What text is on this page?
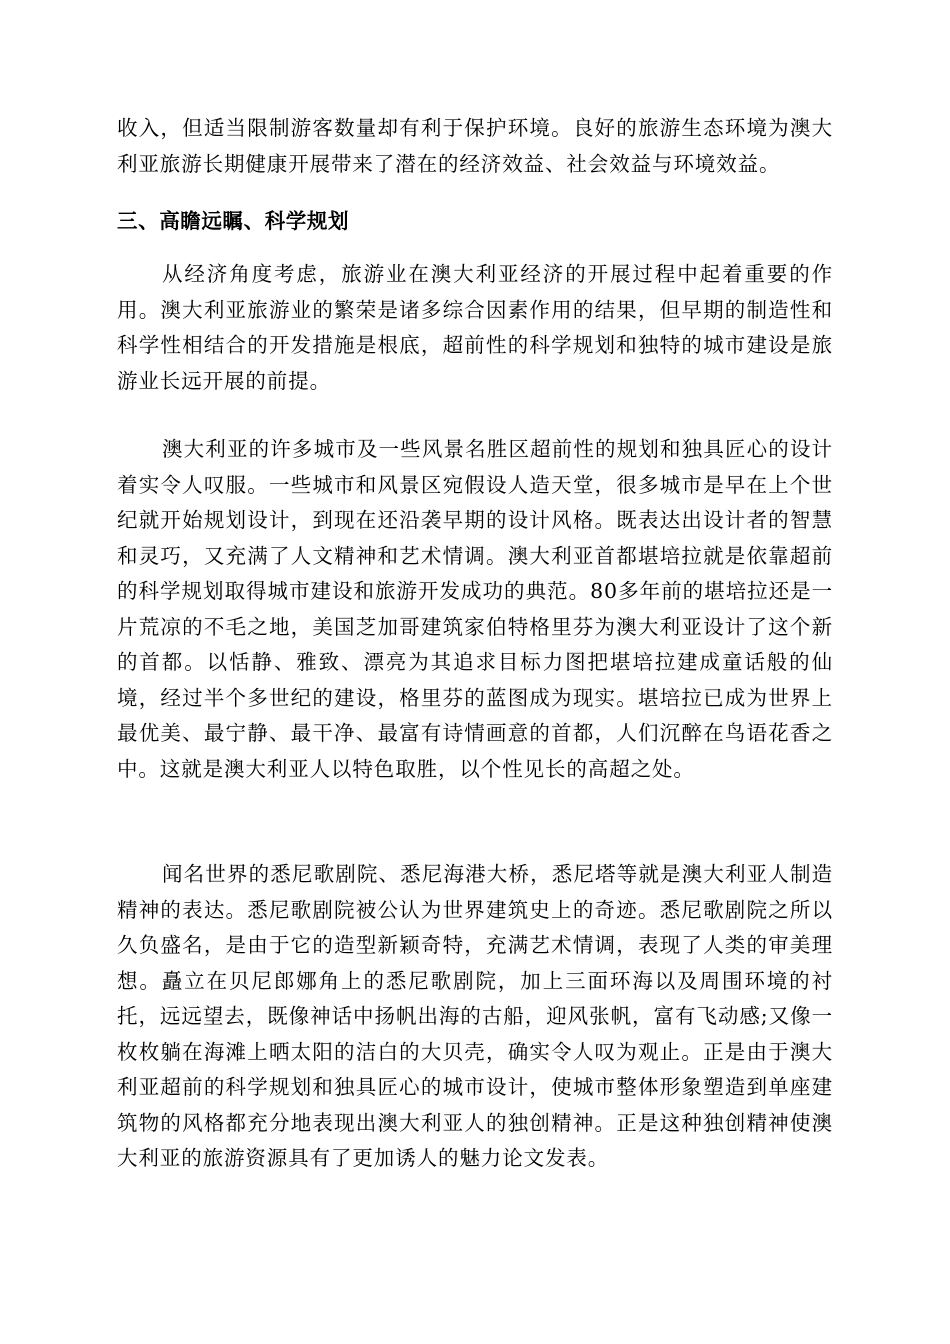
收入，但适当限制游客数量却有利于保护环境。良好的旅游生态环境为澳大利亚旅游长期健康开展带来了潜在的经济效益、社会效益与环境效益。

三、高瞻远瞩、科学规划

从经济角度考虑，旅游业在澳大利亚经济的开展过程中起着重要的作用。澳大利亚旅游业的繁荣是诸多综合因素作用的结果，但早期的制造性和科学性相结合的开发措施是根底，超前性的科学规划和独特的城市建设是旅游业长远开展的前提。

澳大利亚的许多城市及一些风景名胜区超前性的规划和独具匠心的设计着实令人叹服。一些城市和风景区宛假设人造天堂，很多城市是早在上个世纪就开始规划设计，到现在还沿袭早期的设计风格。既表达出设计者的智慧和灵巧，又充满了人文精神和艺术情调。澳大利亚首都堪培拉就是依靠超前的科学规划取得城市建设和旅游开发成功的典范。80多年前的堪培拉还是一片荒凉的不毛之地，美国芝加哥建筑家伯特格里芬为澳大利亚设计了这个新的首都。以恬静、雅致、漂亮为其追求目标力图把堪培拉建成童话般的仙境，经过半个多世纪的建设，格里芬的蓝图成为现实。堪培拉已成为世界上最优美、最宁静、最干净、最富有诗情画意的首都，人们沉醉在鸟语花香之中。这就是澳大利亚人以特色取胜，以个性见长的高超之处。

闻名世界的悉尼歌剧院、悉尼海港大桥，悉尼塔等就是澳大利亚人制造精神的表达。悉尼歌剧院被公认为世界建筑史上的奇迹。悉尼歌剧院之所以久负盛名，是由于它的造型新颖奇特，充满艺术情调，表现了人类的审美理想。矗立在贝尼郎娜角上的悉尼歌剧院，加上三面环海以及周围环境的衬托，远远望去，既像神话中扬帆出海的古船，迎风张帆，富有飞动感;又像一枚枚躺在海滩上晒太阳的洁白的大贝壳，确实令人叹为观止。正是由于澳大利亚超前的科学规划和独具匠心的城市设计，使城市整体形象塑造到单座建筑物的风格都充分地表现出澳大利亚人的独创精神。正是这种独创精神使澳大利亚的旅游资源具有了更加诱人的魅力论文发表。
